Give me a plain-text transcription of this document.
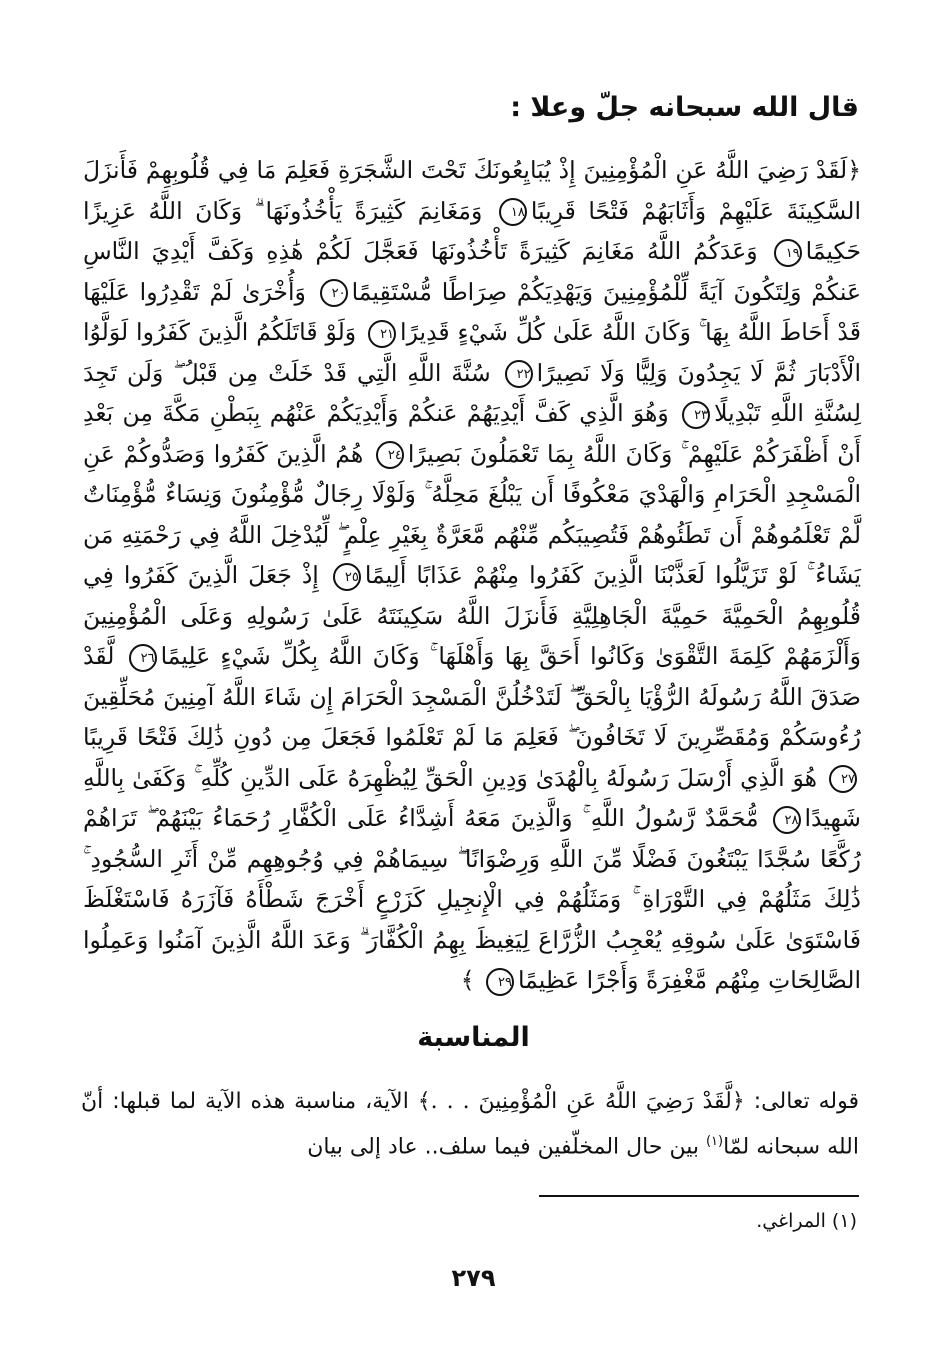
قال الله سبحانه جلّ وعلا :
﴿لَقَدْ رَضِيَ اللَّهُ عَنِ الْمُؤْمِنِينَ إِذْ يُبَايِعُونَكَ تَحْتَ الشَّجَرَةِ فَعَلِمَ مَا فِي قُلُوبِهِمْ فَأَنزَلَ السَّكِينَةَ عَلَيْهِمْ وَأَثَابَهُمْ فَتْحًا قَرِيبًا١٨ وَمَغَانِمَ كَثِيرَةً يَأْخُذُونَهَا ۗ وَكَانَ اللَّهُ عَزِيزًا حَكِيمًا١٩ وَعَدَكُمُ اللَّهُ مَغَانِمَ كَثِيرَةً تَأْخُذُونَهَا فَعَجَّلَ لَكُمْ هَٰذِهِ وَكَفَّ أَيْدِيَ النَّاسِ عَنكُمْ وَلِتَكُونَ آيَةً لِّلْمُؤْمِنِينَ وَيَهْدِيَكُمْ صِرَاطًا مُّسْتَقِيمًا٢٠ وَأُخْرَىٰ لَمْ تَقْدِرُوا عَلَيْهَا قَدْ أَحَاطَ اللَّهُ بِهَا ۚ وَكَانَ اللَّهُ عَلَىٰ كُلِّ شَيْءٍ قَدِيرًا٢١ وَلَوْ قَاتَلَكُمُ الَّذِينَ كَفَرُوا لَوَلَّوُا الْأَدْبَارَ ثُمَّ لَا يَجِدُونَ وَلِيًّا وَلَا نَصِيرًا٢٢ سُنَّةَ اللَّهِ الَّتِي قَدْ خَلَتْ مِن قَبْلُ ۖ وَلَن تَجِدَ لِسُنَّةِ اللَّهِ تَبْدِيلًا٢٣ وَهُوَ الَّذِي كَفَّ أَيْدِيَهُمْ عَنكُمْ وَأَيْدِيَكُمْ عَنْهُم بِبَطْنِ مَكَّةَ مِن بَعْدِ أَنْ أَظْفَرَكُمْ عَلَيْهِمْ ۚ وَكَانَ اللَّهُ بِمَا تَعْمَلُونَ بَصِيرًا٢٤ هُمُ الَّذِينَ كَفَرُوا وَصَدُّوكُمْ عَنِ الْمَسْجِدِ الْحَرَامِ وَالْهَدْيَ مَعْكُوفًا أَن يَبْلُغَ مَحِلَّهُ ۚ وَلَوْلَا رِجَالٌ مُّؤْمِنُونَ وَنِسَاءٌ مُّؤْمِنَاتٌ لَّمْ تَعْلَمُوهُمْ أَن تَطَئُوهُمْ فَتُصِيبَكُم مِّنْهُم مَّعَرَّةٌ بِغَيْرِ عِلْمٍ ۖ لِّيُدْخِلَ اللَّهُ فِي رَحْمَتِهِ مَن يَشَاءُ ۚ لَوْ تَزَيَّلُوا لَعَذَّبْنَا الَّذِينَ كَفَرُوا مِنْهُمْ عَذَابًا أَلِيمًا٢٥ إِذْ جَعَلَ الَّذِينَ كَفَرُوا فِي قُلُوبِهِمُ الْحَمِيَّةَ حَمِيَّةَ الْجَاهِلِيَّةِ فَأَنزَلَ اللَّهُ سَكِينَتَهُ عَلَىٰ رَسُولِهِ وَعَلَى الْمُؤْمِنِينَ وَأَلْزَمَهُمْ كَلِمَةَ التَّقْوَىٰ وَكَانُوا أَحَقَّ بِهَا وَأَهْلَهَا ۚ وَكَانَ اللَّهُ بِكُلِّ شَيْءٍ عَلِيمًا٢٦ لَّقَدْ صَدَقَ اللَّهُ رَسُولَهُ الرُّؤْيَا بِالْحَقِّ ۖ لَتَدْخُلُنَّ الْمَسْجِدَ الْحَرَامَ إِن شَاءَ اللَّهُ آمِنِينَ مُحَلِّقِينَ رُءُوسَكُمْ وَمُقَصِّرِينَ لَا تَخَافُونَ ۖ فَعَلِمَ مَا لَمْ تَعْلَمُوا فَجَعَلَ مِن دُونِ ذَٰلِكَ فَتْحًا قَرِيبًا٢٧ هُوَ الَّذِي أَرْسَلَ رَسُولَهُ بِالْهُدَىٰ وَدِينِ الْحَقِّ لِيُظْهِرَهُ عَلَى الدِّينِ كُلِّهِ ۚ وَكَفَىٰ بِاللَّهِ شَهِيدًا٢٨ مُّحَمَّدٌ رَّسُولُ اللَّهِ ۚ وَالَّذِينَ مَعَهُ أَشِدَّاءُ عَلَى الْكُفَّارِ رُحَمَاءُ بَيْنَهُمْ ۖ تَرَاهُمْ رُكَّعًا سُجَّدًا يَبْتَغُونَ فَضْلًا مِّنَ اللَّهِ وَرِضْوَانًا ۖ سِيمَاهُمْ فِي وُجُوهِهِم مِّنْ أَثَرِ السُّجُودِ ۚ ذَٰلِكَ مَثَلُهُمْ فِي التَّوْرَاةِ ۚ وَمَثَلُهُمْ فِي الْإِنجِيلِ كَزَرْعٍ أَخْرَجَ شَطْأَهُ فَآزَرَهُ فَاسْتَغْلَظَ فَاسْتَوَىٰ عَلَىٰ سُوقِهِ يُعْجِبُ الزُّرَّاعَ لِيَغِيظَ بِهِمُ الْكُفَّارَ ۗ وَعَدَ اللَّهُ الَّذِينَ آمَنُوا وَعَمِلُوا الصَّالِحَاتِ مِنْهُم مَّغْفِرَةً وَأَجْرًا عَظِيمًا٢٩ ﴾
المناسبة
قوله تعالى: ﴿لَّقَدْ رَضِيَ اللَّهُ عَنِ الْمُؤْمِنِينَ . . .﴾ الآية، مناسبة هذه الآية لما قبلها: أنّ الله سبحانه لمّا$^{(١)}$ بين حال المخلّفين فيما سلف.. عاد إلى بيان
(١) المراغي.
٢٧٩
